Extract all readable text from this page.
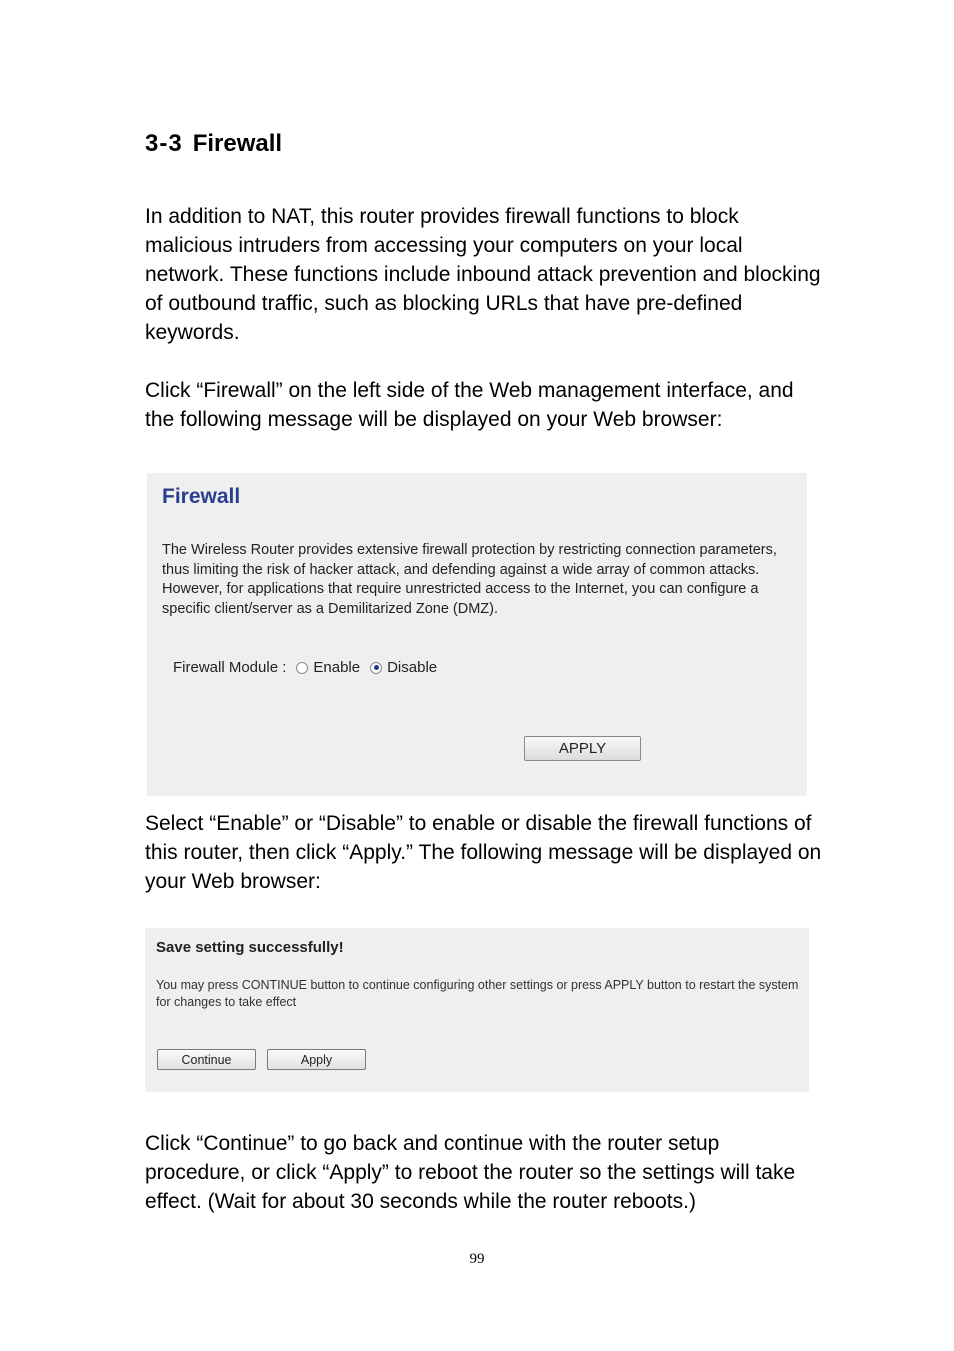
3-3 Firewall
In addition to NAT, this router provides firewall functions to block malicious intruders from accessing your computers on your local network. These functions include inbound attack prevention and blocking of outbound traffic, such as blocking URLs that have pre-defined keywords.
Click “Firewall” on the left side of the Web management interface, and the following message will be displayed on your Web browser:
Firewall
The Wireless Router provides extensive firewall protection by restricting connection parameters, thus limiting the risk of hacker attack, and defending against a wide array of common attacks. However, for applications that require unrestricted access to the Internet, you can configure a specific client/server as a Demilitarized Zone (DMZ).
Firewall Module : Enable Disable
APPLY
Select “Enable” or “Disable” to enable or disable the firewall functions of this router, then click “Apply.” The following message will be displayed on your Web browser:
Save setting successfully!
You may press CONTINUE button to continue configuring other settings or press APPLY button to restart the system for changes to take effect
Continue	Apply
Click “Continue” to go back and continue with the router setup procedure, or click “Apply” to reboot the router so the settings will take effect. (Wait for about 30 seconds while the router reboots.)
99
